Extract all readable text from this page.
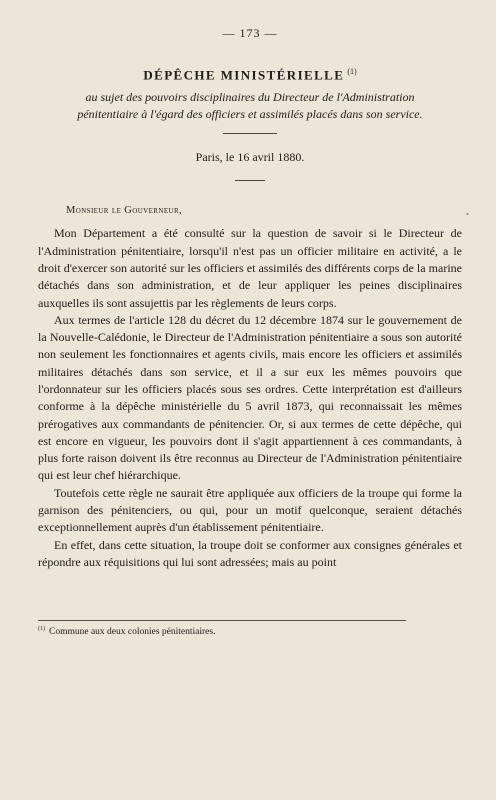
— 173 —

DÉPÊCHE MINISTÉRIELLE $^{(1)}$

au sujet des pouvoirs disciplinaires du Directeur de l'Administration
pénitentiaire à l'égard des officiers et assimilés placés dans son service.

Paris, le 16 avril 1880.

Monsieur le Gouverneur,

Mon Département a été consulté sur la question de savoir si le Directeur de l'Administration pénitentiaire, lorsqu'il n'est pas un officier militaire en activité, a le droit d'exercer son autorité sur les officiers et assimilés des différents corps de la marine détachés dans son administration, et de leur appliquer les peines disciplinaires auxquelles ils sont assujettis par les règlements de leurs corps.

Aux termes de l'article 128 du décret du 12 décembre 1874 sur le gouvernement de la Nouvelle-Calédonie, le Directeur de l'Administration pénitentiaire a sous son autorité non seulement les fonctionnaires et agents civils, mais encore les officiers et assimilés militaires détachés dans son service, et il a sur eux les mêmes pouvoirs que l'ordonnateur sur les officiers placés sous ses ordres. Cette interprétation est d'ailleurs conforme à la dépêche ministérielle du 5 avril 1873, qui reconnaissait les mêmes prérogatives aux commandants de pénitencier. Or, si aux termes de cette dépêche, qui est encore en vigueur, les pouvoirs dont il s'agit appartiennent à ces commandants, à plus forte raison doivent ils être reconnus au Directeur de l'Administration pénitentiaire qui est leur chef hiérarchique.

Toutefois cette règle ne saurait être appliquée aux officiers de la troupe qui forme la garnison des pénitenciers, ou qui, pour un motif quelconque, seraient détachés exceptionnellement auprès d'un établissement pénitentiaire.

En effet, dans cette situation, la troupe doit se conformer aux consignes générales et répondre aux réquisitions qui lui sont adressées; mais au point

$^{(1)}$ Commune aux deux colonies pénitentiaires.

•
